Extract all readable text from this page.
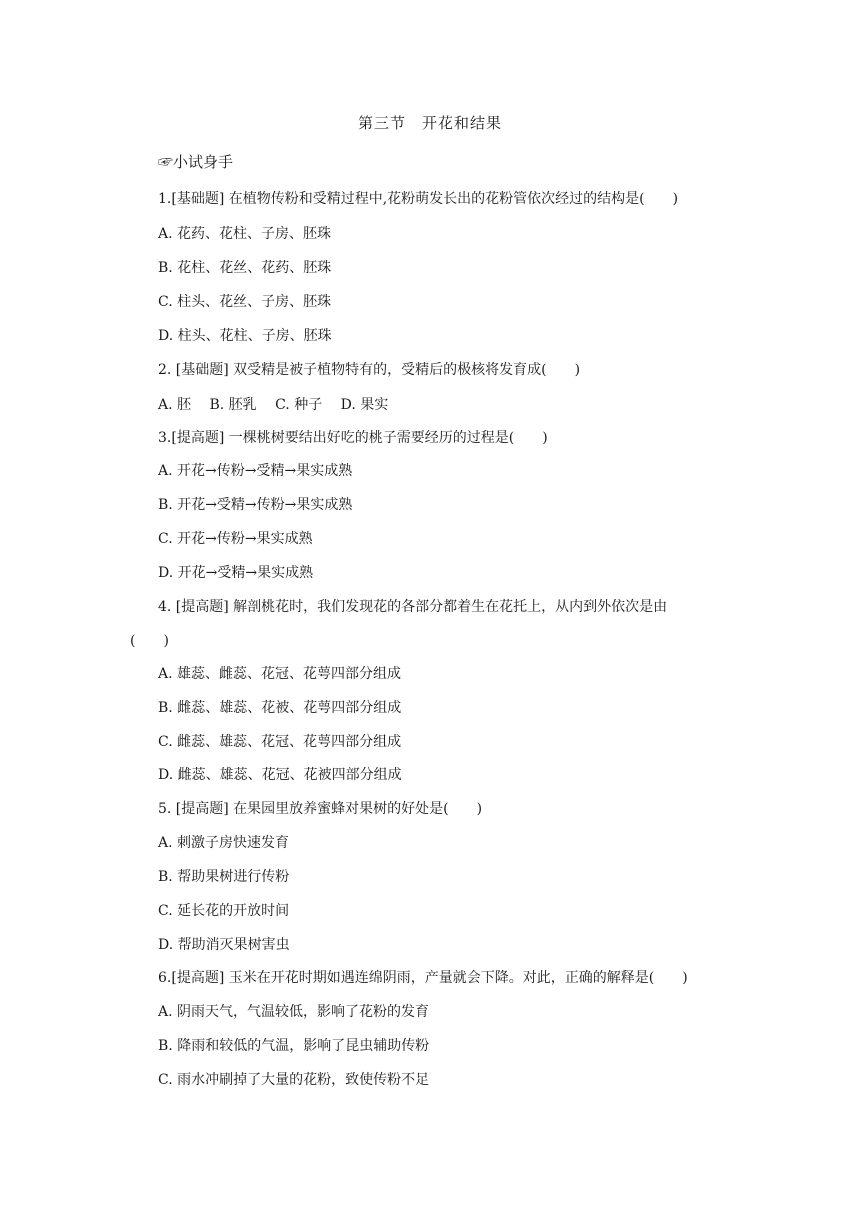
第三节　开花和结果
☞小试身手
1.[基础题] 在植物传粉和受精过程中,花粉萌发长出的花粉管依次经过的结构是(　　)
A. 花药、花柱、子房、胚珠
B. 花柱、花丝、花药、胚珠
C. 柱头、花丝、子房、胚珠
D. 柱头、花柱、子房、胚珠
2. [基础题] 双受精是被子植物特有的，受精后的极核将发育成(　　)
A. 胚　 B. 胚乳　 C. 种子　 D. 果实
3.[提高题] 一棵桃树要结出好吃的桃子需要经历的过程是(　　)
A. 开花→传粉→受精→果实成熟
B. 开花→受精→传粉→果实成熟
C. 开花→传粉→果实成熟
D. 开花→受精→果实成熟
4. [提高题] 解剖桃花时，我们发现花的各部分都着生在花托上，从内到外依次是由
(　　)
A. 雄蕊、雌蕊、花冠、花萼四部分组成
B. 雌蕊、雄蕊、花被、花萼四部分组成
C. 雌蕊、雄蕊、花冠、花萼四部分组成
D. 雌蕊、雄蕊、花冠、花被四部分组成
5. [提高题] 在果园里放养蜜蜂对果树的好处是(　　)
A. 刺激子房快速发育
B. 帮助果树进行传粉
C. 延长花的开放时间
D. 帮助消灭果树害虫
6.[提高题] 玉米在开花时期如遇连绵阴雨，产量就会下降。对此，正确的解释是(　　)
A. 阴雨天气，气温较低，影响了花粉的发育
B. 降雨和较低的气温，影响了昆虫辅助传粉
C. 雨水冲刷掉了大量的花粉，致使传粉不足
